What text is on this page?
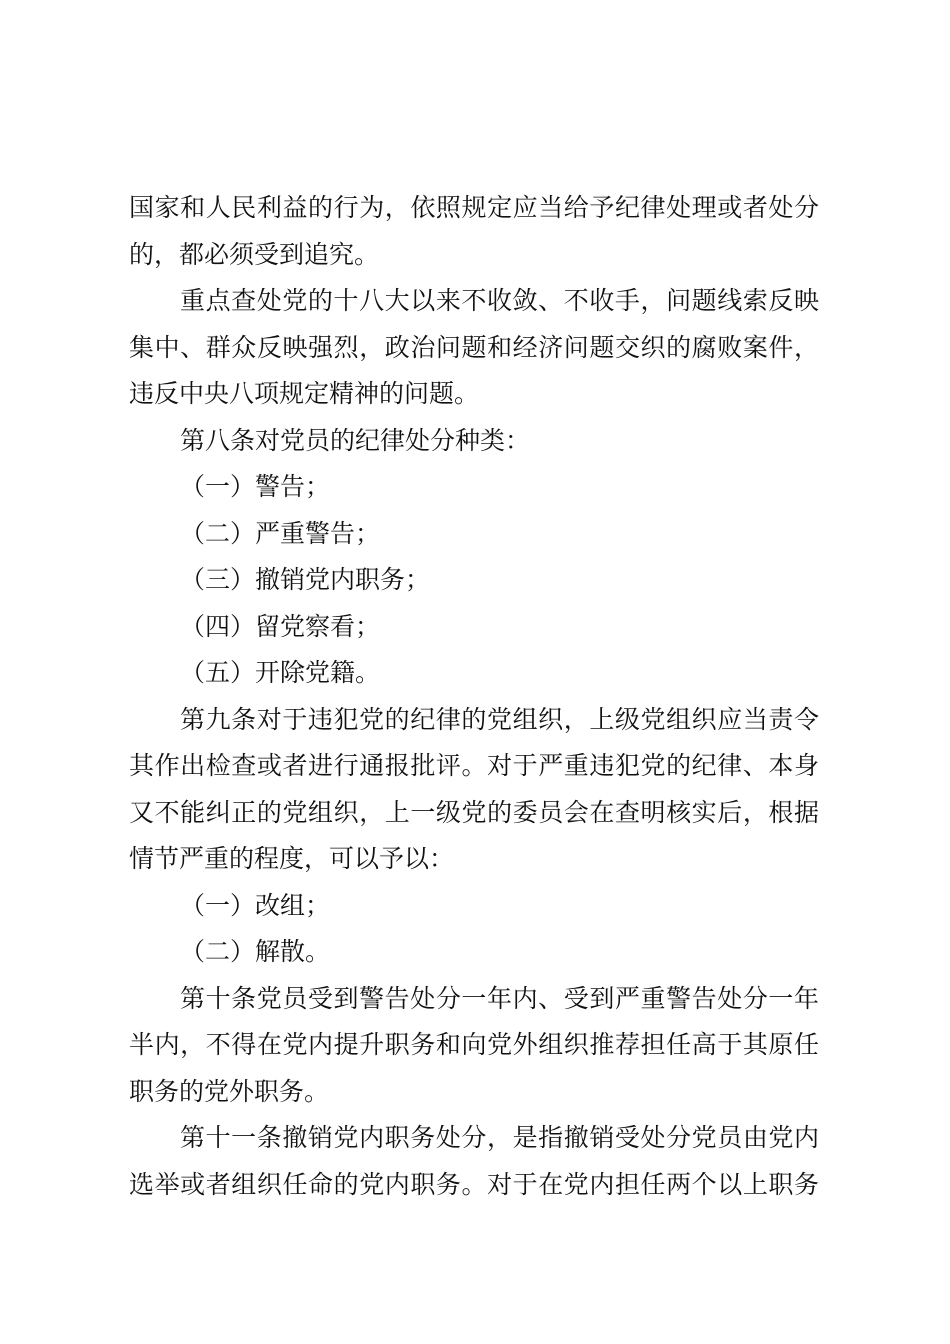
国家和人民利益的行为，依照规定应当给予纪律处理或者处分
的，都必须受到追究。
重点查处党的十八大以来不收敛、不收手，问题线索反映
集中、群众反映强烈，政治问题和经济问题交织的腐败案件，
违反中央八项规定精神的问题。
第八条对党员的纪律处分种类：
（一）警告；
（二）严重警告；
（三）撤销党内职务；
（四）留党察看；
（五）开除党籍。
第九条对于违犯党的纪律的党组织，上级党组织应当责令
其作出检查或者进行通报批评。对于严重违犯党的纪律、本身
又不能纠正的党组织，上一级党的委员会在查明核实后，根据
情节严重的程度，可以予以：
（一）改组；
（二）解散。
第十条党员受到警告处分一年内、受到严重警告处分一年
半内，不得在党内提升职务和向党外组织推荐担任高于其原任
职务的党外职务。
第十一条撤销党内职务处分，是指撤销受处分党员由党内
选举或者组织任命的党内职务。对于在党内担任两个以上职务
